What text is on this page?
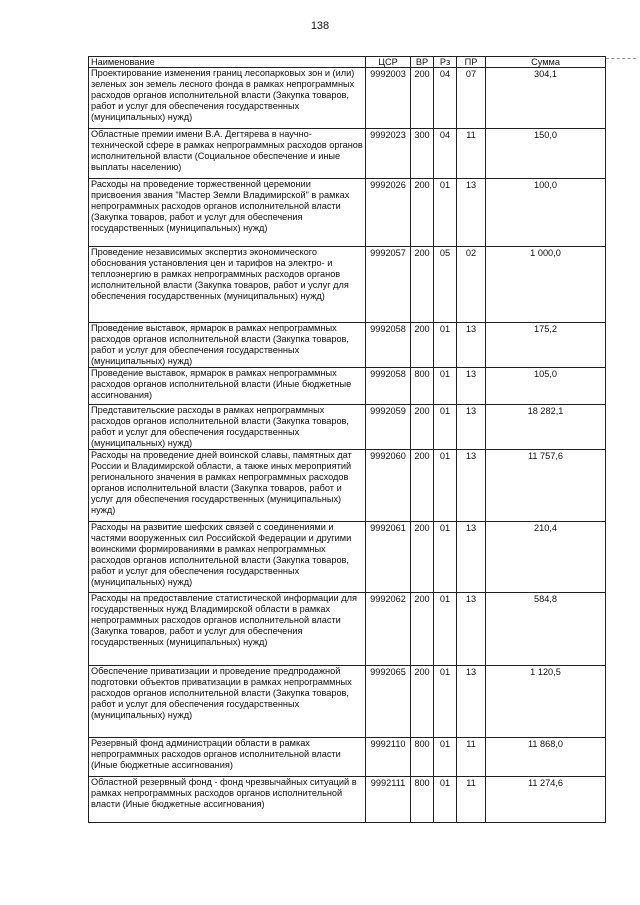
138
Наименование	ЦСР	ВР	Рз	ПР	Сумма
Проектирование изменения границ лесопарковых зон и (или) зеленых зон земель лесного фонда в рамках непрограммных расходов органов исполнительной власти (Закупка товаров, работ и услуг для обеспечения государственных (муниципальных) нужд)	9992003	200	04	07	304,1
Областные премии имени В.А. Дегтярева в научно-технической сфере в рамках непрограммных расходов органов исполнительной власти (Социальное обеспечение и иные выплаты населению)	9992023	300	04	11	150,0
Расходы на проведение торжественной церемонии присвоения звания "Мастер Земли Владимирской" в рамках непрограммных расходов органов исполнительной власти (Закупка товаров, работ и услуг для обеспечения государственных (муниципальных) нужд)	9992026	200	01	13	100,0
Проведение независимых экспертиз экономического обоснования установления цен и тарифов на электро- и теплоэнергию в рамках непрограммных расходов органов исполнительной власти (Закупка товаров, работ и услуг для обеспечения государственных (муниципальных) нужд)	9992057	200	05	02	1 000,0
Проведение выставок, ярмарок в рамках непрограммных расходов органов исполнительной власти (Закупка товаров, работ и услуг для обеспечения государственных (муниципальных) нужд)	9992058	200	01	13	175,2
Проведение выставок, ярмарок в рамках непрограммных расходов органов исполнительной власти (Иные бюджетные ассигнования)	9992058	800	01	13	105,0
Представительские расходы в рамках непрограммных расходов органов исполнительной власти (Закупка товаров, работ и услуг для обеспечения государственных (муниципальных) нужд)	9992059	200	01	13	18 282,1
Расходы на проведение дней воинской славы, памятных дат России и Владимирской области, а также иных мероприятий регионального значения в рамках непрограммных расходов органов исполнительной власти (Закупка товаров, работ и услуг для обеспечения государственных (муниципальных) нужд)	9992060	200	01	13	11 757,6
Расходы на развитие шефских связей с соединениями и частями вооруженных сил Российской Федерации и другими воинскими формированиями в рамках непрограммных расходов органов исполнительной власти (Закупка товаров, работ и услуг для обеспечения государственных (муниципальных) нужд)	9992061	200	01	13	210,4
Расходы на предоставление статистической информации для государственных нужд Владимирской области в рамках непрограммных расходов органов исполнительной власти (Закупка товаров, работ и услуг для обеспечения государственных (муниципальных) нужд)	9992062	200	01	13	584,8
Обеспечение приватизации и проведение предпродажной подготовки объектов приватизации в рамках непрограммных расходов органов исполнительной власти (Закупка товаров, работ и услуг для обеспечения государственных (муниципальных) нужд)	9992065	200	01	13	1 120,5
Резервный фонд администрации области в рамках непрограммных расходов органов исполнительной власти (Иные бюджетные ассигнования)	9992110	800	01	11	11 868,0
Областной резервный фонд - фонд чрезвычайных ситуаций в рамках непрограммных расходов органов исполнительной власти (Иные бюджетные ассигнования)	9992111	800	01	11	11 274,6
